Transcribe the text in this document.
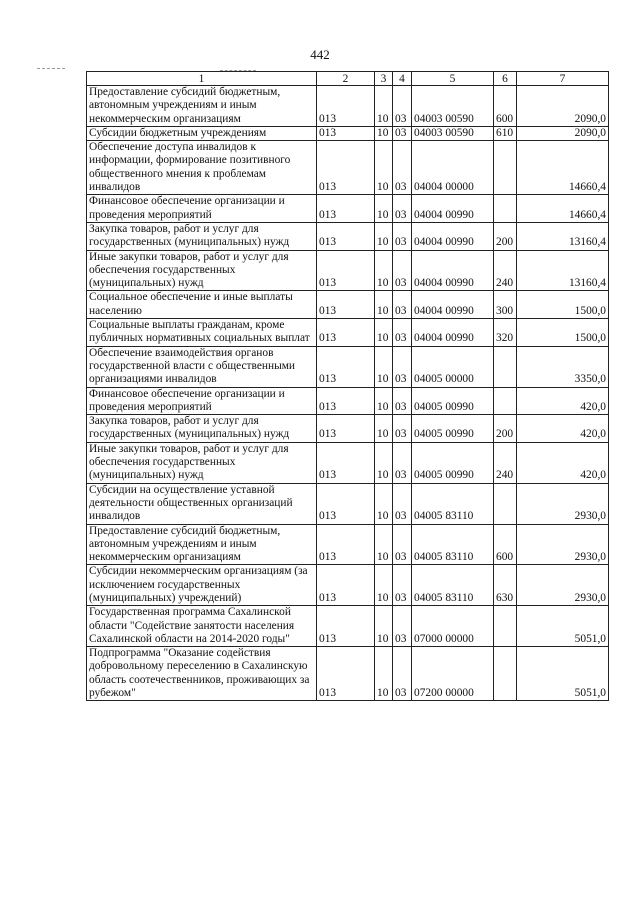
442
1	2	3	4	5	6	7
Предоставление субсидий бюджетным, автономным учреждениям и иным некоммерческим организациям	013	10	03	04003 00590	600	2090,0
Субсидии бюджетным учреждениям	013	10	03	04003 00590	610	2090,0
Обеспечение доступа инвалидов к информации, формирование позитивного общественного мнения к проблемам инвалидов	013	10	03	04004 00000		14660,4
Финансовое обеспечение организации и проведения мероприятий	013	10	03	04004 00990		14660,4
Закупка товаров, работ и услуг для государственных (муниципальных) нужд	013	10	03	04004 00990	200	13160,4
Иные закупки товаров, работ и услуг для обеспечения государственных (муниципальных) нужд	013	10	03	04004 00990	240	13160,4
Социальное обеспечение и иные выплаты населению	013	10	03	04004 00990	300	1500,0
Социальные выплаты гражданам, кроме публичных нормативных социальных выплат	013	10	03	04004 00990	320	1500,0
Обеспечение взаимодействия органов государственной власти с общественными организациями инвалидов	013	10	03	04005 00000		3350,0
Финансовое обеспечение организации и проведения мероприятий	013	10	03	04005 00990		420,0
Закупка товаров, работ и услуг для государственных (муниципальных) нужд	013	10	03	04005 00990	200	420,0
Иные закупки товаров, работ и услуг для обеспечения государственных (муниципальных) нужд	013	10	03	04005 00990	240	420,0
Субсидии на осуществление уставной деятельности общественных организаций инвалидов	013	10	03	04005 83110		2930,0
Предоставление субсидий бюджетным, автономным учреждениям и иным некоммерческим организациям	013	10	03	04005 83110	600	2930,0
Субсидии некоммерческим организациям (за исключением государственных (муниципальных) учреждений)	013	10	03	04005 83110	630	2930,0
Государственная программа Сахалинской области "Содействие занятости населения Сахалинской области на 2014-2020 годы"	013	10	03	07000 00000		5051,0
Подпрограмма "Оказание содействия добровольному переселению в Сахалинскую область соотечественников, проживающих за рубежом"	013	10	03	07200 00000		5051,0
